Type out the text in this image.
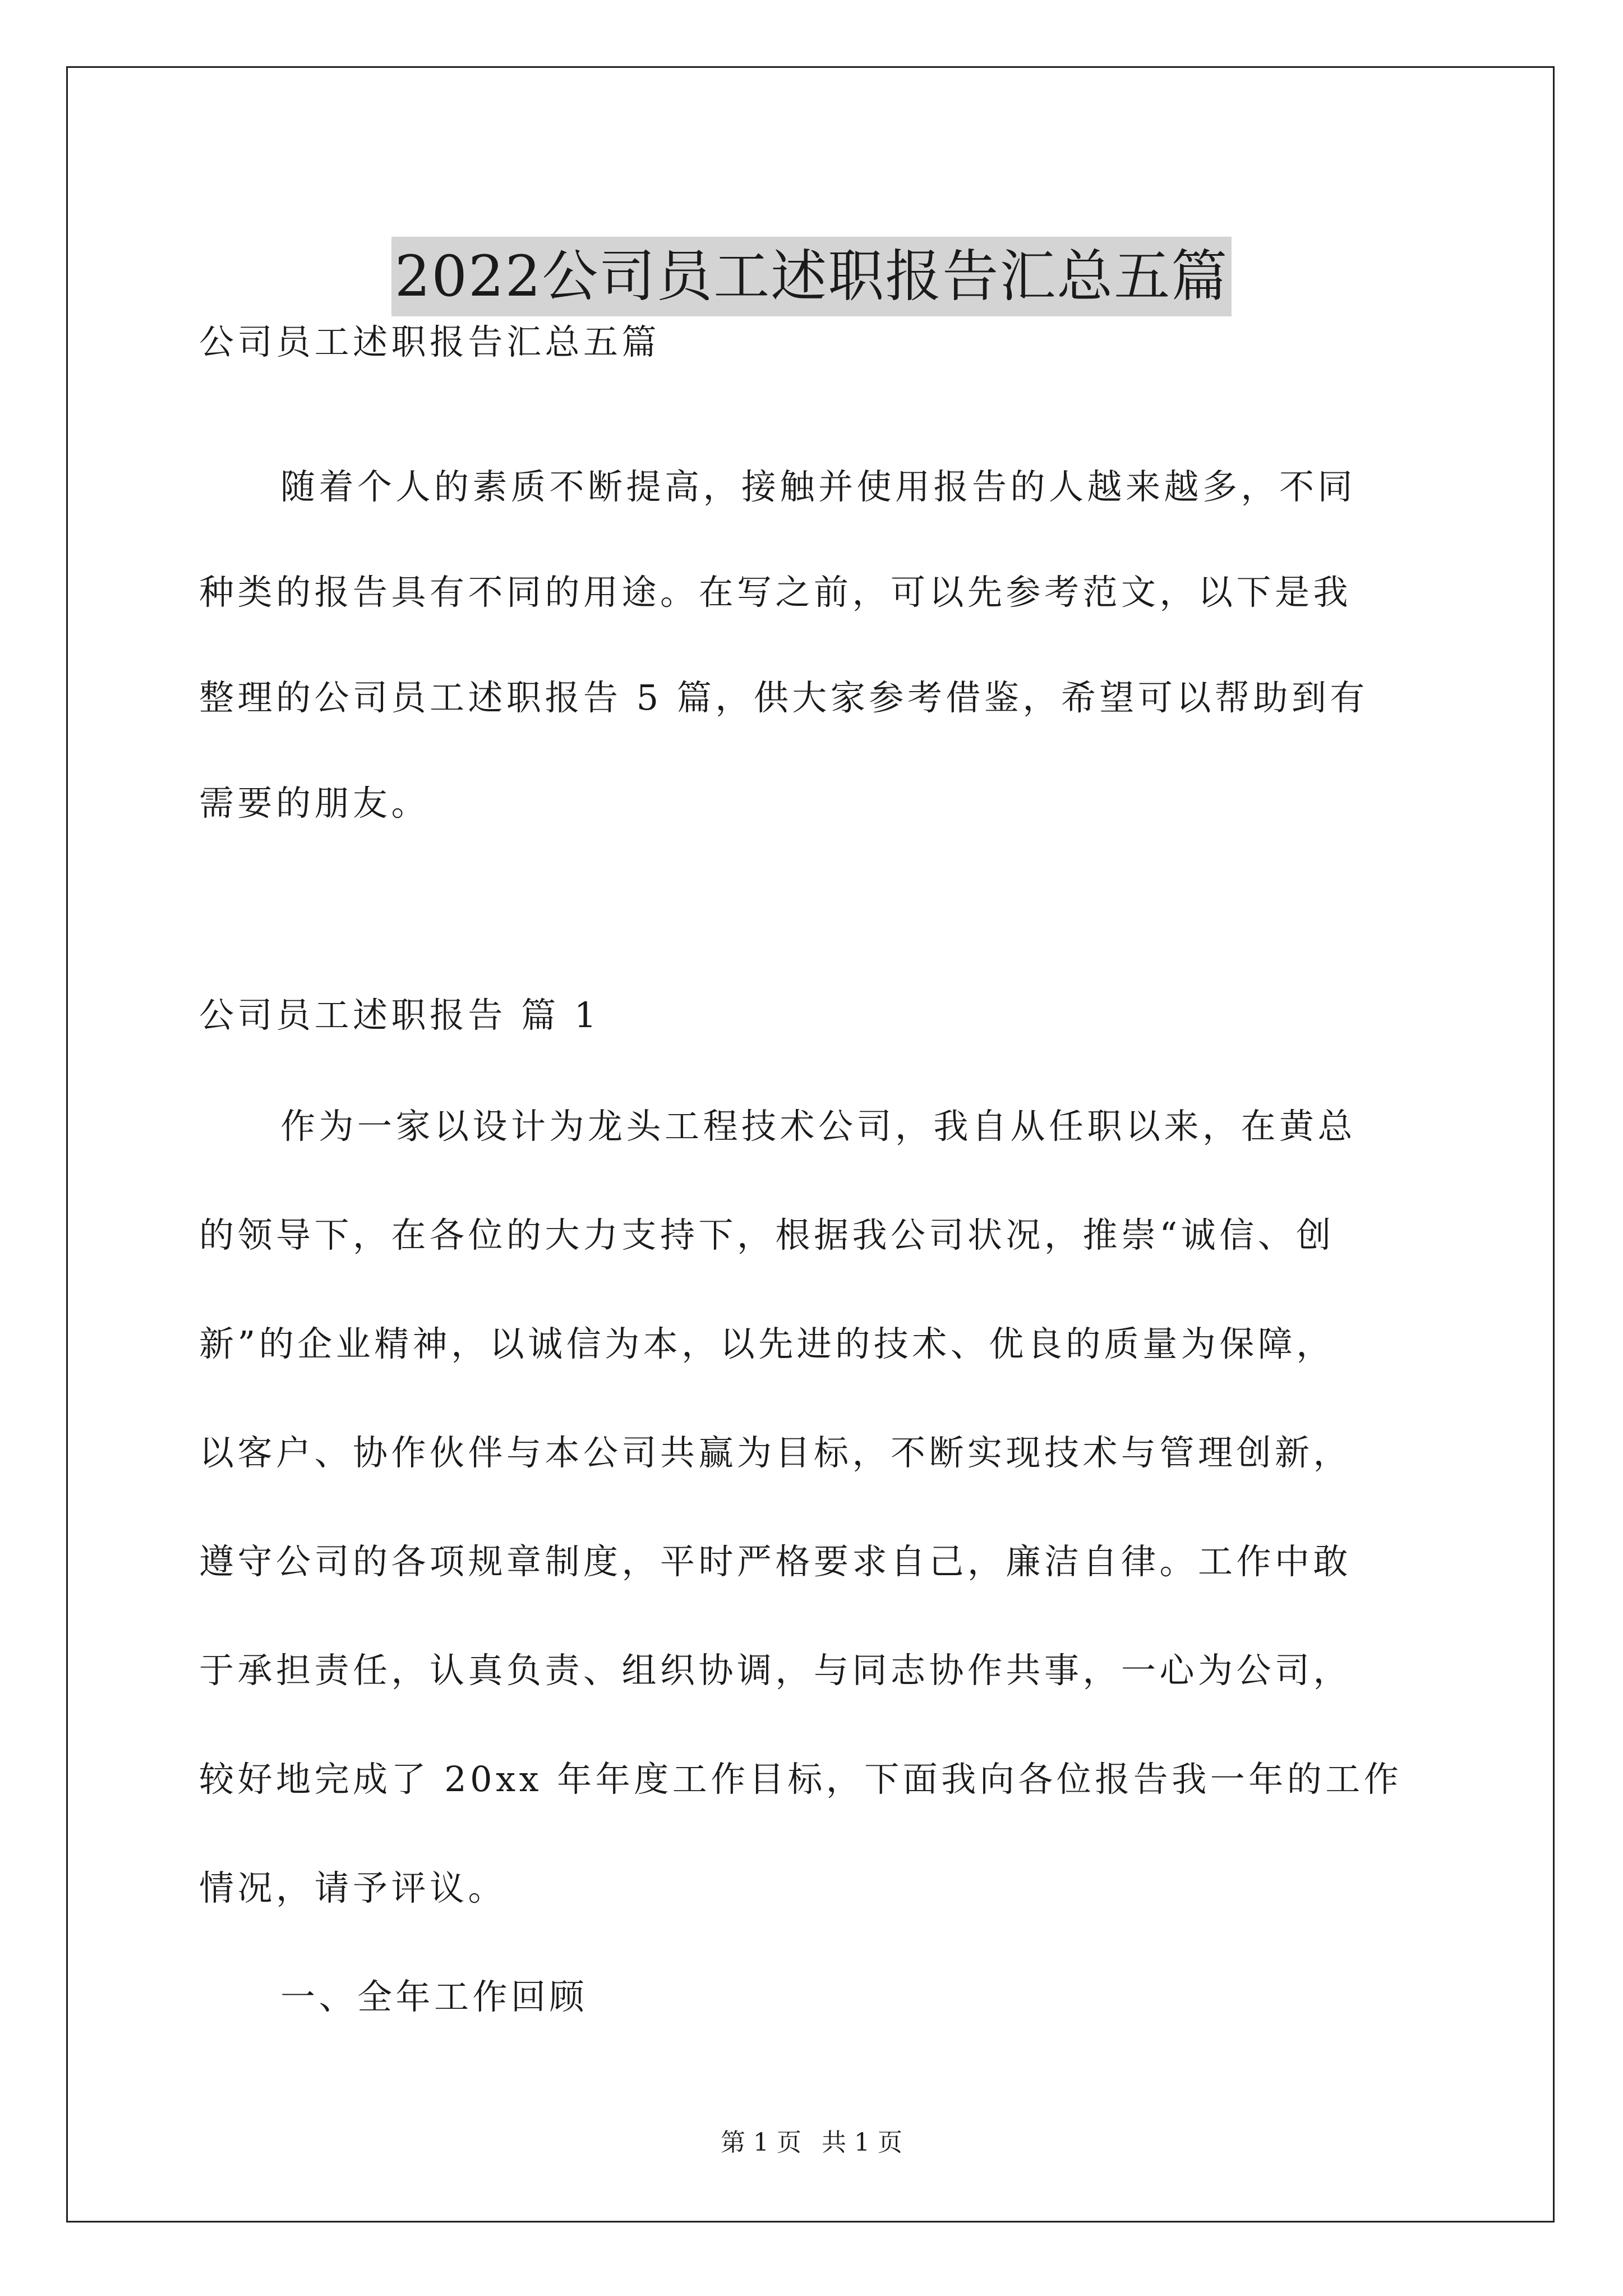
2022公司员工述职报告汇总五篇
公司员工述职报告汇总五篇
随着个人的素质不断提高，接触并使用报告的人越来越多，不同
种类的报告具有不同的用途。在写之前，可以先参考范文，以下是我
整理的公司员工述职报告 5 篇，供大家参考借鉴，希望可以帮助到有
需要的朋友。
公司员工述职报告 篇 1
作为一家以设计为龙头工程技术公司，我自从任职以来，在黄总
的领导下，在各位的大力支持下，根据我公司状况，推崇“诚信、创
新”的企业精神，以诚信为本，以先进的技术、优良的质量为保障，
以客户、协作伙伴与本公司共赢为目标，不断实现技术与管理创新，
遵守公司的各项规章制度，平时严格要求自己，廉洁自律。工作中敢
于承担责任，认真负责、组织协调，与同志协作共事，一心为公司，
较好地完成了 20xx 年年度工作目标，下面我向各位报告我一年的工作
情况，请予评议。
一、全年工作回顾
第 1 页 共 1 页
